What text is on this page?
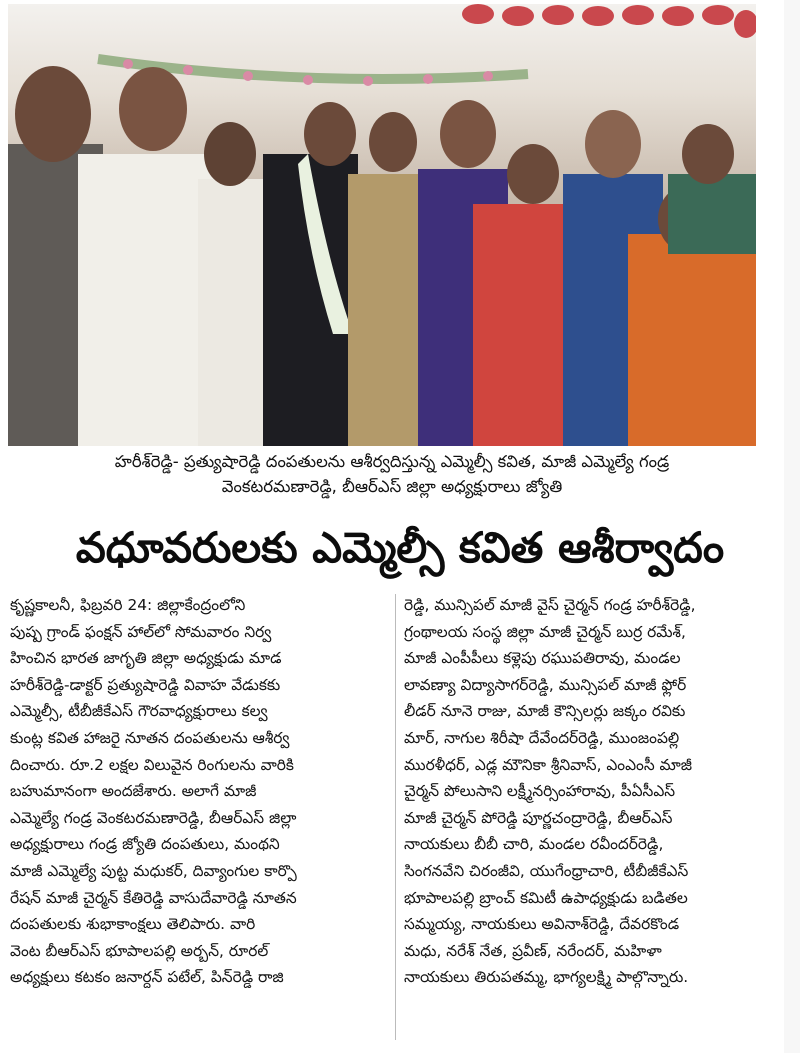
హరీశ్‌రెడ్డి- ప్రత్యుషారెడ్డి దంపతులను ఆశీర్వదిస్తున్న ఎమ్మెల్సీ కవిత, మాజీ ఎమ్మెల్యే గండ్ర
వెంకటరమణారెడ్డి, బీఆర్‌ఎస్ జిల్లా అధ్యక్షురాలు జ్యోతి
వధూవరులకు ఎమ్మెల్సీ కవిత ఆశీర్వాదం
కృష్ణకాలనీ, ఫిబ్రవరి 24: జిల్లాకేంద్రంలోని
పుష్ప గ్రాండ్ ఫంక్షన్ హాల్‌లో సోమవారం నిర్వ
హించిన భారత జాగృతి జిల్లా అధ్యక్షుడు మాడ
హరీశ్‌రెడ్డి-డాక్టర్ ప్రత్యుషారెడ్డి వివాహ వేడుకకు
ఎమ్మెల్సీ, టీబీజీకేఎస్ గౌరవాధ్యక్షురాలు కల్వ
కుంట్ల కవిత హాజరై నూతన దంపతులను ఆశీర్వ
దించారు. రూ.2 లక్షల విలువైన రింగులను వారికి
బహుమానంగా అందజేశారు. అలాగే మాజీ
ఎమ్మెల్యే గండ్ర వెంకటరమణారెడ్డి, బీఆర్‌ఎస్ జిల్లా
అధ్యక్షురాలు గండ్ర జ్యోతి దంపతులు, మంథని
మాజీ ఎమ్మెల్యే పుట్ట మధుకర్, దివ్యాంగుల కార్పొ
రేషన్ మాజీ చైర్మన్ కేతిరెడ్డి వాసుదేవారెడ్డి నూతన
దంపతులకు శుభాకాంక్షలు తెలిపారు. వారి
వెంట బీఆర్‌ఎస్ భూపాలపల్లి అర్బన్, రూరల్
అధ్యక్షులు కటకం జనార్దన్ పటేల్, పిన్‌రెడ్డి రాజి
రెడ్డి, మున్సిపల్ మాజీ వైస్ చైర్మన్ గండ్ర హరీశ్‌రెడ్డి,
గ్రంథాలయ సంస్థ జిల్లా మాజీ చైర్మన్ బుర్ర రమేశ్,
మాజీ ఎంపీపీలు కళ్లెపు రఘుపతిరావు, మండల
లావణ్యా విద్యాసాగర్‌రెడ్డి, మున్సిపల్ మాజీ ఫ్లోర్
లీడర్ నూనె రాజు, మాజీ కౌన్సిలర్లు జక్కం రవికు
మార్, నాగుల శిరీషా దేవేందర్‌రెడ్డి, ముంజంపల్లి
మురళీధర్, ఎడ్ల మౌనికా శ్రీనివాస్, ఎంఎంసీ మాజీ
చైర్మన్ పోలుసాని లక్ష్మీనర్సింహారావు, పీఏసీఎస్
మాజీ చైర్మన్ పోరెడ్డి పూర్ణచంద్రారెడ్డి, బీఆర్‌ఎస్
నాయకులు బీబీ చారి, మండల రవీందర్‌రెడ్డి,
సింగనవేని చిరంజీవి, యుగేంధ్రాచారి, టీబీజీకేఎస్
భూపాలపల్లి బ్రాంచ్ కమిటీ ఉపాధ్యక్షుడు బడితల
సమ్మయ్య, నాయకులు అవినాశ్‌రెడ్డి, దేవరకొండ
మధు, నరేశ్ నేత, ప్రవీణ్, నరేందర్, మహిళా
నాయకులు తిరుపతమ్మ, భాగ్యలక్ష్మి పాల్గొన్నారు.
